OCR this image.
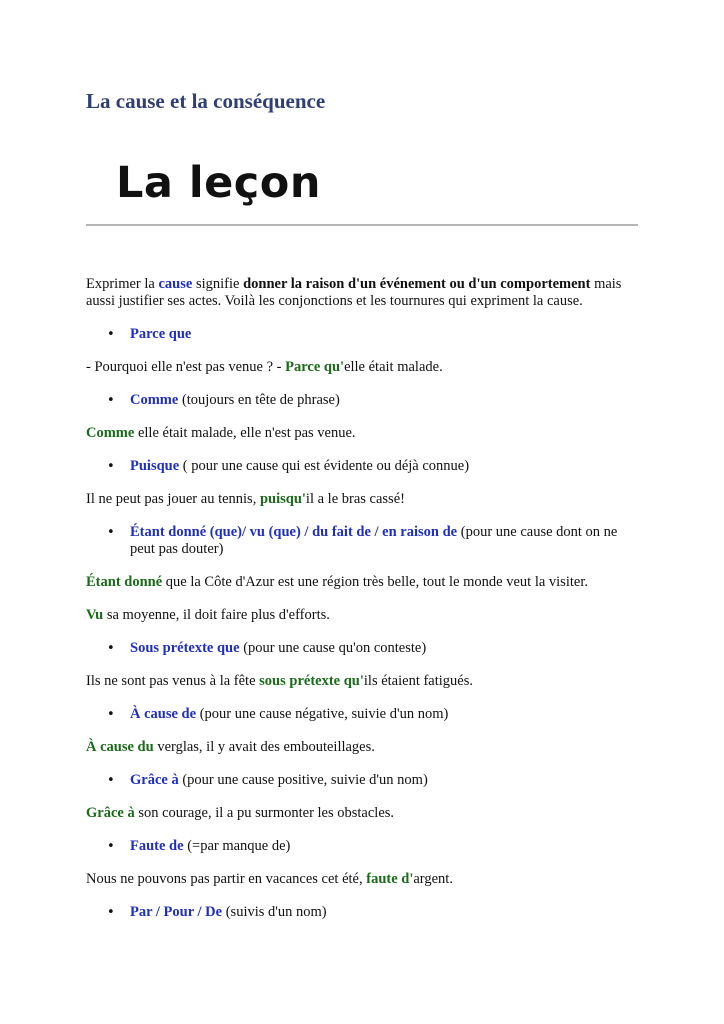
La cause et la conséquence
La leçon

Exprimer la cause signifie donner la raison d'un événement ou d'un comportement mais aussi justifier ses actes. Voilà les conjonctions et les tournures qui expriment la cause.

• Parce que

- Pourquoi elle n'est pas venue ? - Parce qu'elle était malade.

• Comme (toujours en tête de phrase)

Comme elle était malade, elle n'est pas venue.

• Puisque ( pour une cause qui est évidente ou déjà connue)

Il ne peut pas jouer au tennis, puisqu'il a le bras cassé!

• Étant donné (que)/ vu (que) / du fait de / en raison de (pour une cause dont on ne peut pas douter)

Étant donné que la Côte d'Azur est une région très belle, tout le monde veut la visiter.

Vu sa moyenne, il doit faire plus d'efforts.

• Sous prétexte que (pour une cause qu'on conteste)

Ils ne sont pas venus à la fête sous prétexte qu'ils étaient fatigués.

• À cause de (pour une cause négative, suivie d'un nom)

À cause du verglas, il y avait des embouteillages.

• Grâce à (pour une cause positive, suivie d'un nom)

Grâce à son courage, il a pu surmonter les obstacles.

• Faute de (=par manque de)

Nous ne pouvons pas partir en vacances cet été, faute d'argent.

• Par / Pour / De (suivis d'un nom)
